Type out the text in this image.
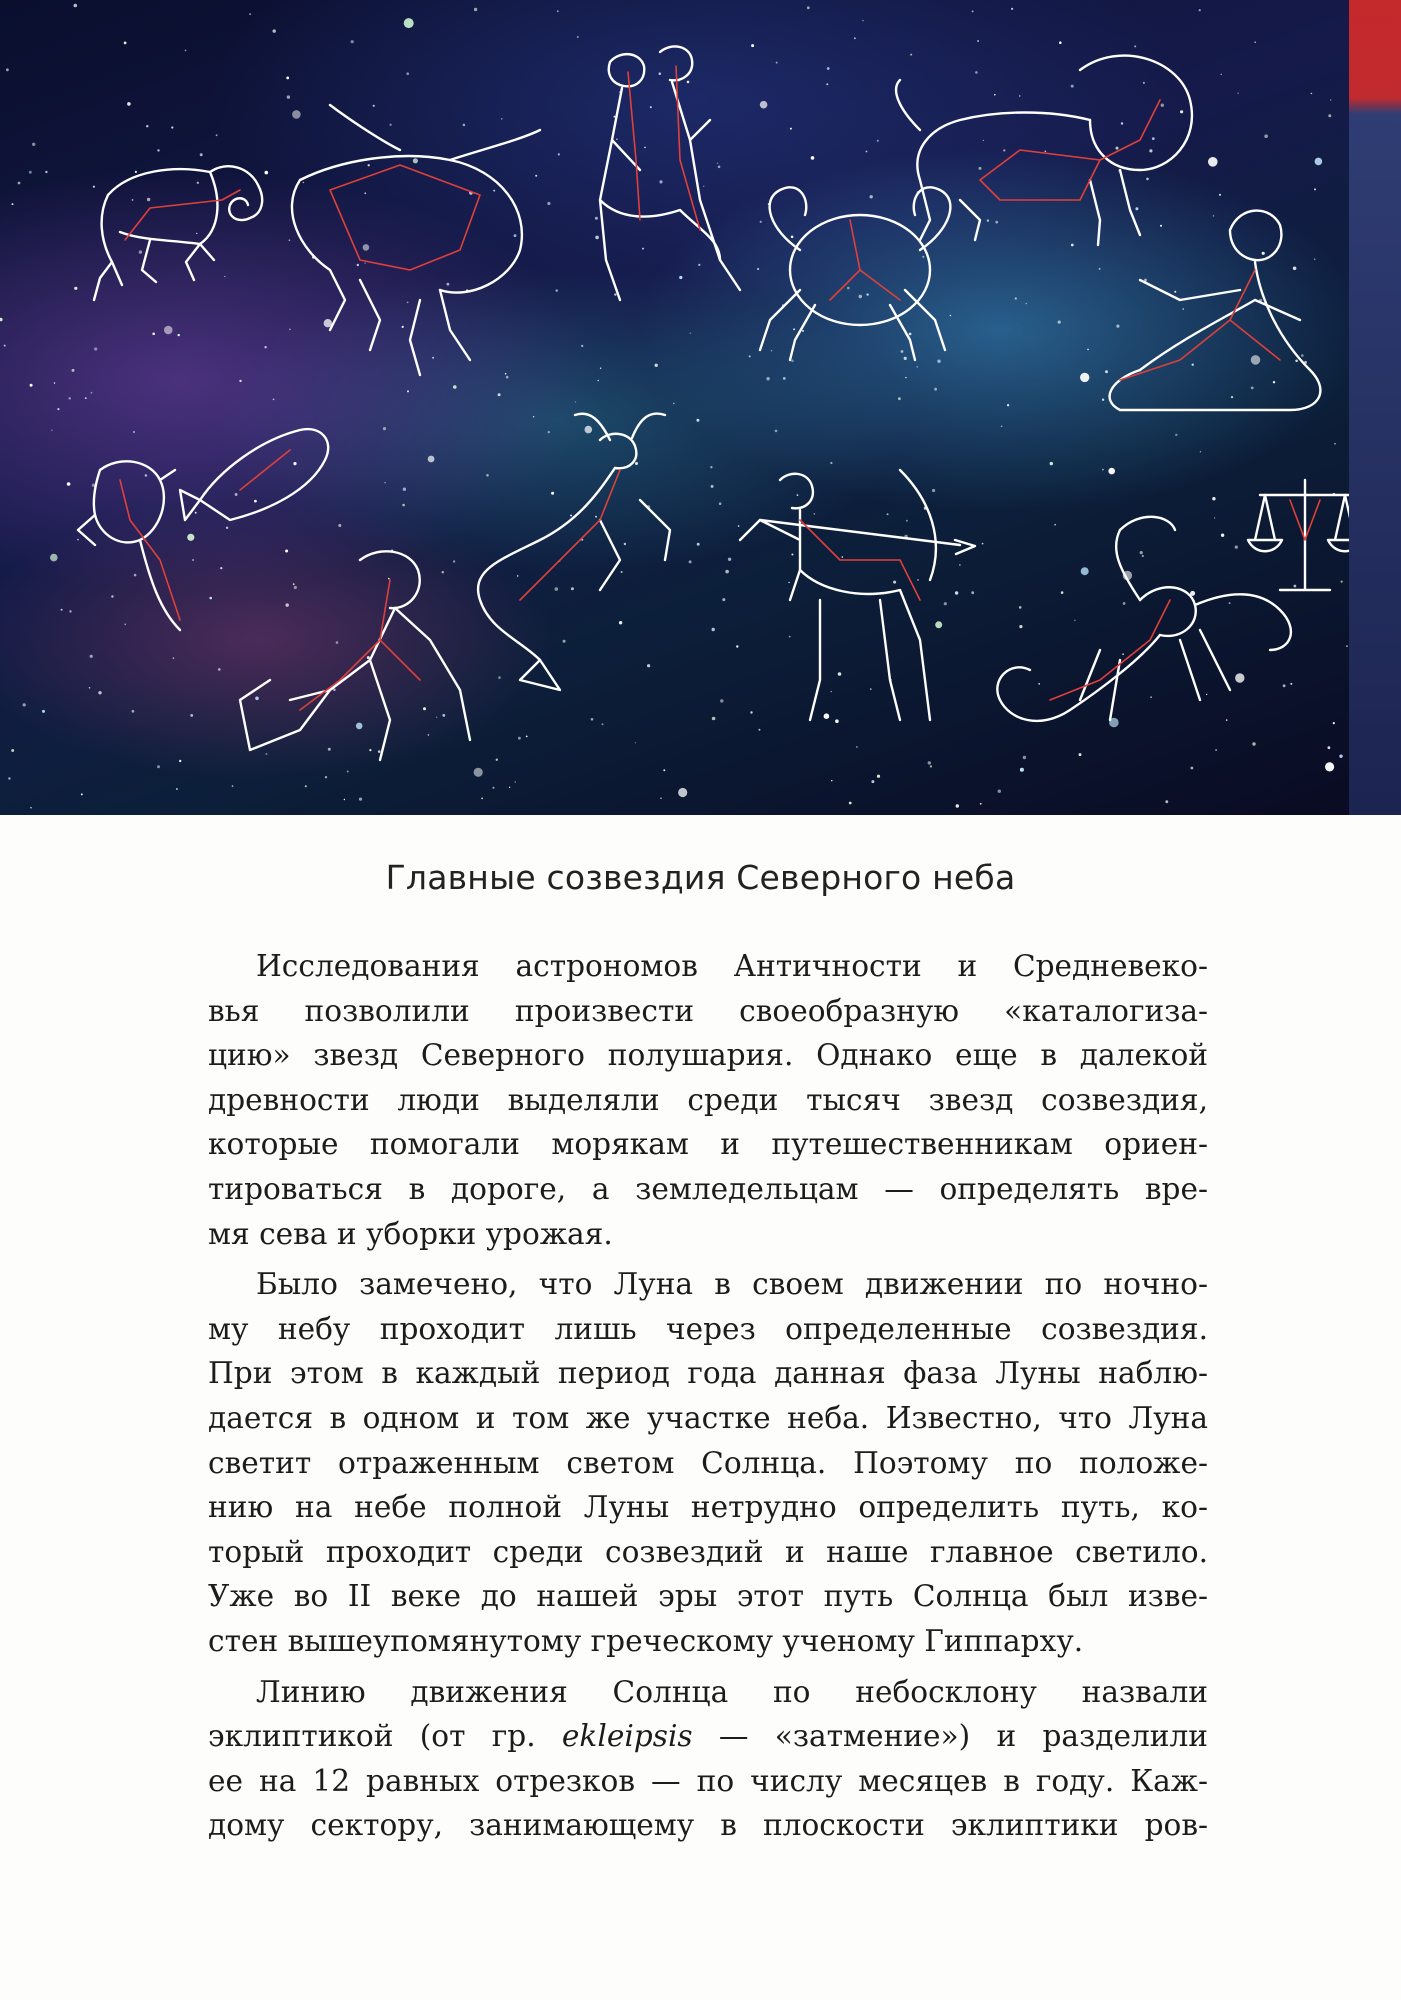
Главные созвездия Северного неба
Исследования астрономов Античности и Средневеко-
вья позволили произвести своеобразную «каталогиза-
цию» звезд Северного полушария. Однако еще в далекой
древности люди выделяли среди тысяч звезд созвездия,
которые помогали морякам и путешественникам ориен-
тироваться в дороге, а земледельцам — определять вре-
мя сева и уборки урожая.
Было замечено, что Луна в своем движении по ночно-
му небу проходит лишь через определенные созвездия.
При этом в каждый период года данная фаза Луны наблю-
дается в одном и том же участке неба. Известно, что Луна
светит отраженным светом Солнца. Поэтому по положе-
нию на небе полной Луны нетрудно определить путь, ко-
торый проходит среди созвездий и наше главное светило.
Уже во II веке до нашей эры этот путь Солнца был изве-
стен вышеупомянутому греческому ученому Гиппарху.
Линию движения Солнца по небосклону назвали
эклиптикой (от гр. ekleipsis — «затмение») и разделили
ее на 12 равных отрезков — по числу месяцев в году. Каж-
дому сектору, занимающему в плоскости эклиптики ров-
